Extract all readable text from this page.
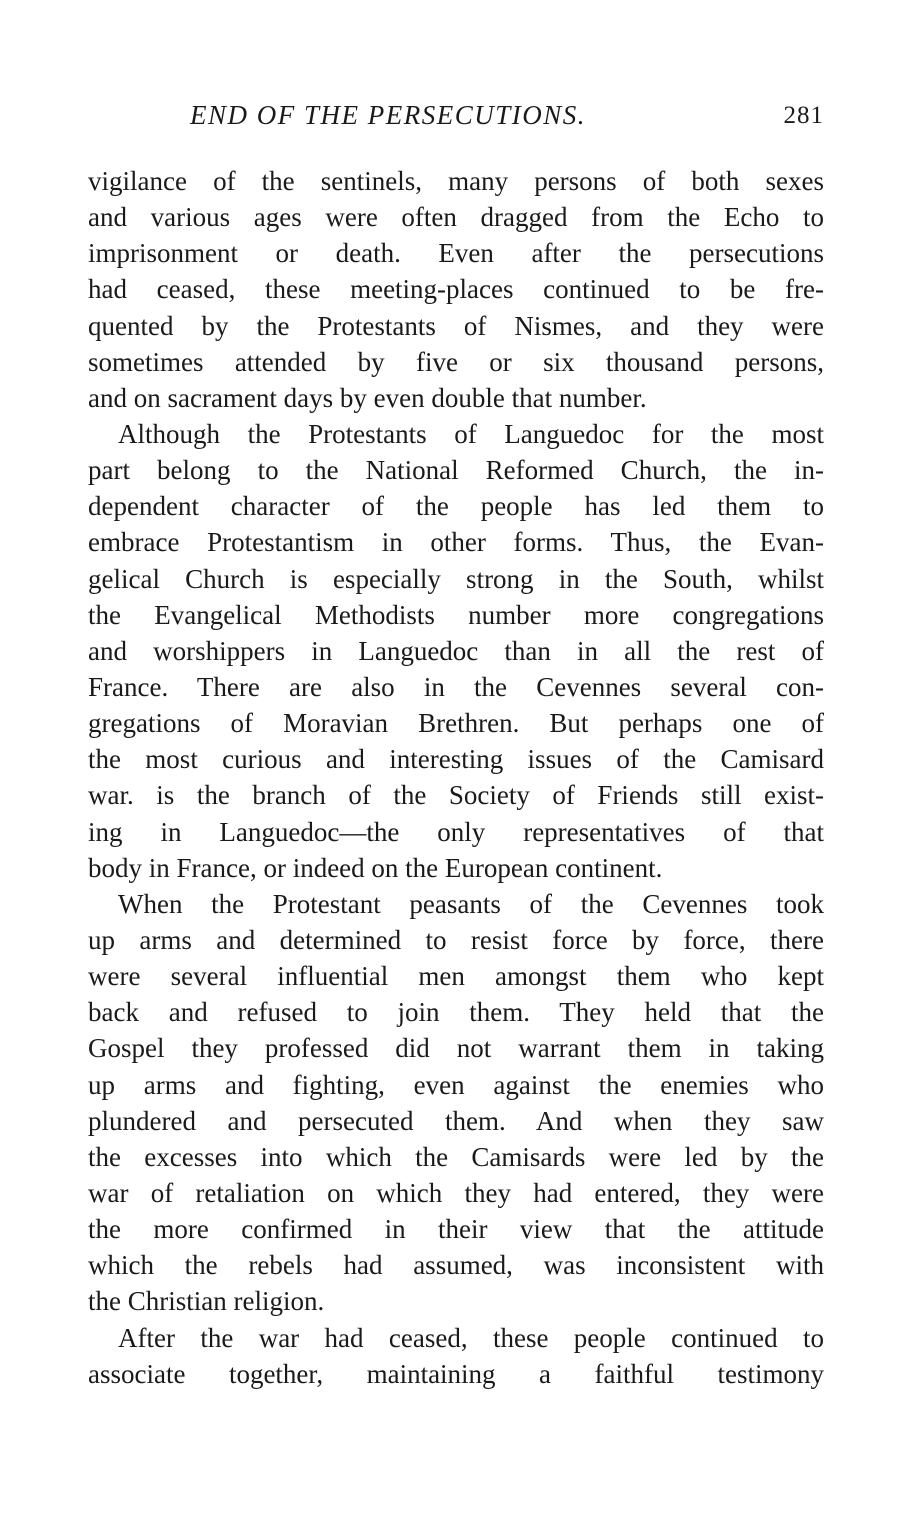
END OF THE PERSECUTIONS.	281
vigilance of the sentinels, many persons of both sexes
and various ages were often dragged from the Echo to
imprisonment or death. Even after the persecutions
had ceased, these meeting-places continued to be fre-
quented by the Protestants of Nismes, and they were
sometimes attended by five or six thousand persons,
and on sacrament days by even double that number.
Although the Protestants of Languedoc for the most
part belong to the National Reformed Church, the in-
dependent character of the people has led them to
embrace Protestantism in other forms. Thus, the Evan-
gelical Church is especially strong in the South, whilst
the Evangelical Methodists number more congregations
and worshippers in Languedoc than in all the rest of
France. There are also in the Cevennes several con-
gregations of Moravian Brethren. But perhaps one of
the most curious and interesting issues of the Camisard
war. is the branch of the Society of Friends still exist-
ing in Languedoc—the only representatives of that
body in France, or indeed on the European continent.
When the Protestant peasants of the Cevennes took
up arms and determined to resist force by force, there
were several influential men amongst them who kept
back and refused to join them. They held that the
Gospel they professed did not warrant them in taking
up arms and fighting, even against the enemies who
plundered and persecuted them. And when they saw
the excesses into which the Camisards were led by the
war of retaliation on which they had entered, they were
the more confirmed in their view that the attitude
which the rebels had assumed, was inconsistent with
the Christian religion.
After the war had ceased, these people continued to
associate together, maintaining a faithful testimony
